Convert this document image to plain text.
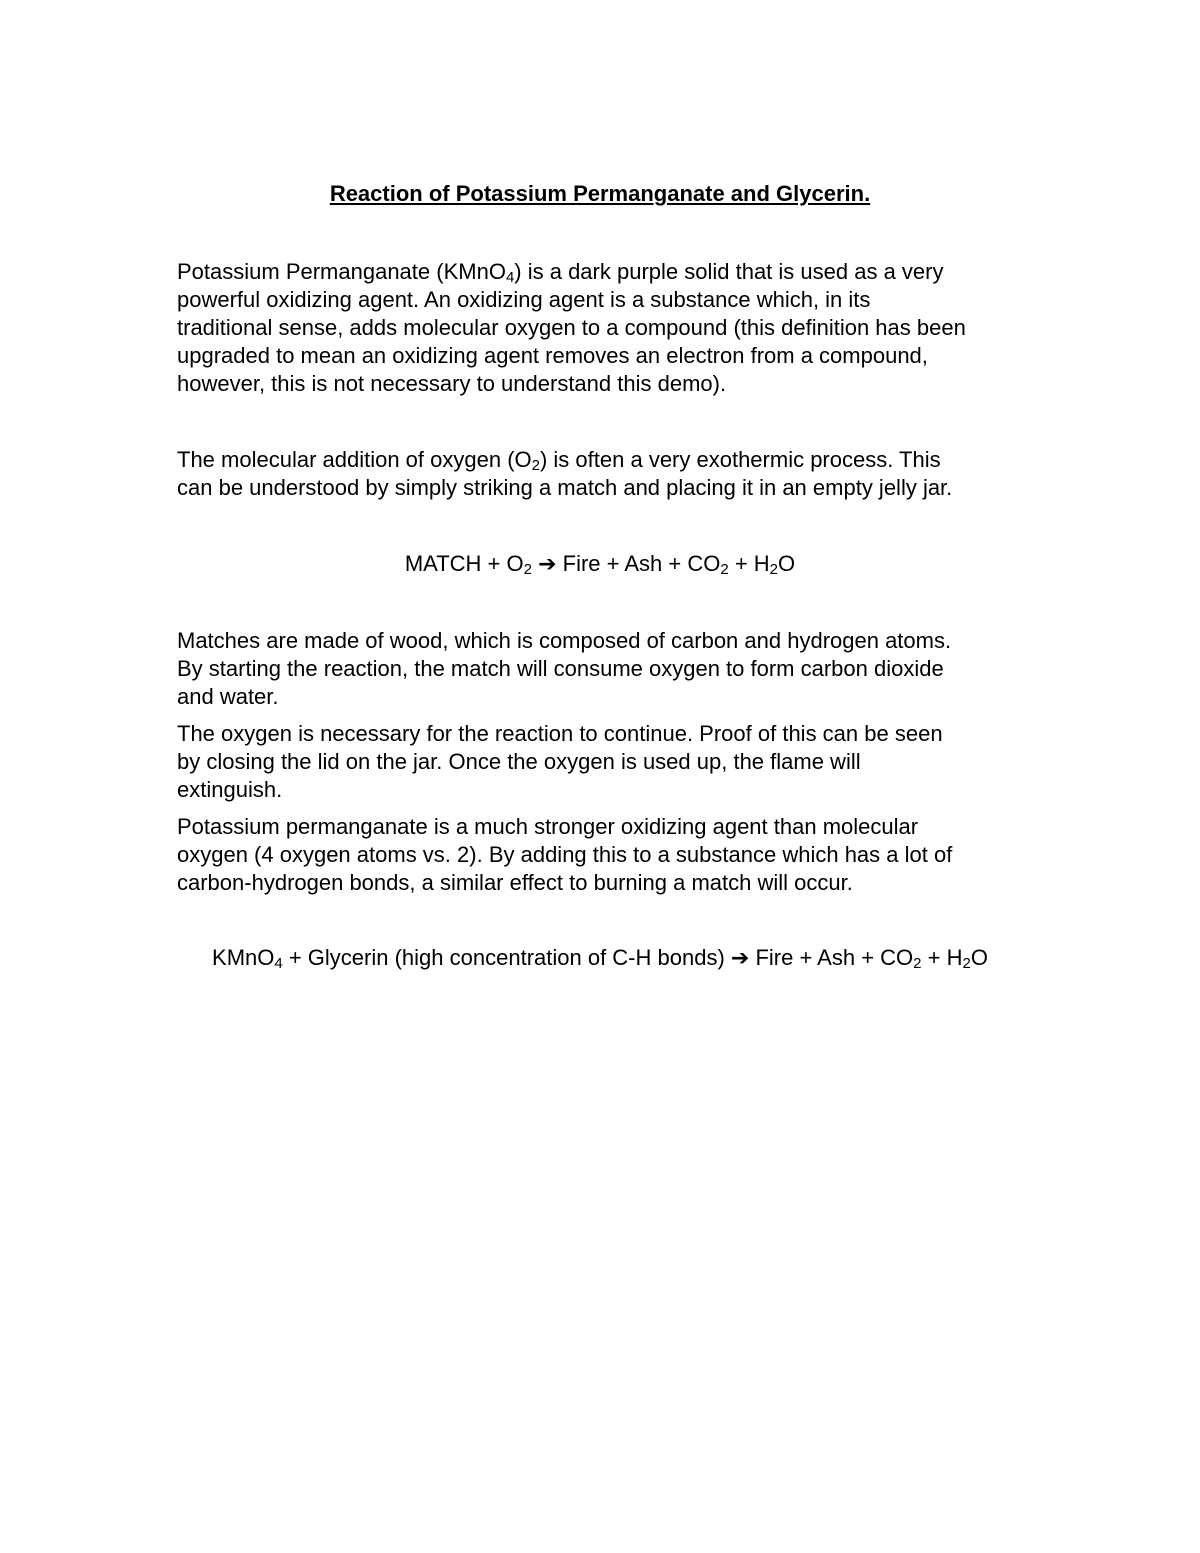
Reaction of Potassium Permanganate and Glycerin.

Potassium Permanganate (KMnO$_4$) is a dark purple solid that is used as a very
powerful oxidizing agent. An oxidizing agent is a substance which, in its
traditional sense, adds molecular oxygen to a compound (this definition has been
upgraded to mean an oxidizing agent removes an electron from a compound,
however, this is not necessary to understand this demo).

The molecular addition of oxygen $(O_2)$ is often a very exothermic process. This
can be understood by simply striking a match and placing it in an empty jelly jar.

MATCH + $O_2$ ➔ Fire + Ash + $CO_2 + H_2O$

Matches are made of wood, which is composed of carbon and hydrogen atoms.
By starting the reaction, the match will consume oxygen to form carbon dioxide
and water.

The oxygen is necessary for the reaction to continue. Proof of this can be seen
by closing the lid on the jar. Once the oxygen is used up, the flame will
extinguish.

Potassium permanganate is a much stronger oxidizing agent than molecular
oxygen (4 oxygen atoms vs. 2). By adding this to a substance which has a lot of
carbon-hydrogen bonds, a similar effect to burning a match will occur.

KMnO$_4$ + Glycerin (high concentration of C-H bonds) ➔ Fire + Ash + $CO_2 + H_2O$
